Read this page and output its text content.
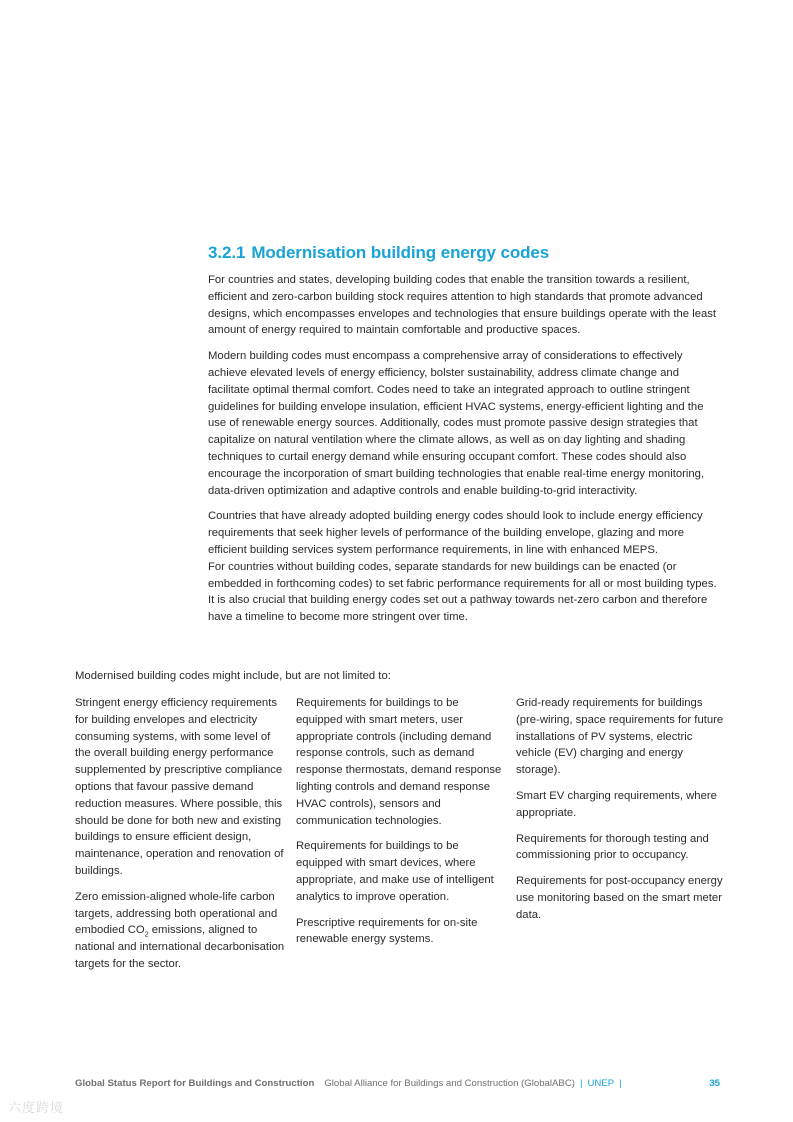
3.2.1 Modernisation building energy codes

For countries and states, developing building codes that enable the transition towards a resilient, efficient and zero-carbon building stock requires attention to high standards that promote advanced designs, which encompasses envelopes and technologies that ensure buildings operate with the least amount of energy required to maintain comfortable and productive spaces.

Modern building codes must encompass a comprehensive array of considerations to effectively achieve elevated levels of energy efficiency, bolster sustainability, address climate change and facilitate optimal thermal comfort. Codes need to take an integrated approach to outline stringent guidelines for building envelope insulation, efficient HVAC systems, energy-efficient lighting and the use of renewable energy sources. Additionally, codes must promote passive design strategies that capitalize on natural ventilation where the climate allows, as well as on day lighting and shading techniques to curtail energy demand while ensuring occupant comfort. These codes should also encourage the incorporation of smart building technologies that enable real-time energy monitoring, data-driven optimization and adaptive controls and enable building-to-grid interactivity.

Countries that have already adopted building energy codes should look to include energy efficiency requirements that seek higher levels of performance of the building envelope, glazing and more efficient building services system performance requirements, in line with enhanced MEPS.

For countries without building codes, separate standards for new buildings can be enacted (or embedded in forthcoming codes) to set fabric performance requirements for all or most building types. It is also crucial that building energy codes set out a pathway towards net-zero carbon and therefore have a timeline to become more stringent over time.

Modernised building codes might include, but are not limited to:

Stringent energy efficiency requirements for building envelopes and electricity consuming systems, with some level of the overall building energy performance supplemented by prescriptive compliance options that favour passive demand reduction measures. Where possible, this should be done for both new and existing buildings to ensure efficient design, maintenance, operation and renovation of buildings.

Zero emission-aligned whole-life carbon targets, addressing both operational and embodied $CO_2$ emissions, aligned to national and international decarbonisation targets for the sector.

Requirements for buildings to be equipped with smart meters, user appropriate controls (including demand response controls, such as demand response thermostats, demand response lighting controls and demand response HVAC controls), sensors and communication technologies.

Requirements for buildings to be equipped with smart devices, where appropriate, and make use of intelligent analytics to improve operation.

Prescriptive requirements for on-site renewable energy systems.

Grid-ready requirements for buildings (pre-wiring, space requirements for future installations of PV systems, electric vehicle (EV) charging and energy storage).

Smart EV charging requirements, where appropriate.

Requirements for thorough testing and commissioning prior to occupancy.

Requirements for post-occupancy energy use monitoring based on the smart meter data.

Global Status Report for Buildings and Construction Global Alliance for Buildings and Construction (GlobalABC) | UNEP |	35
六度跨境
